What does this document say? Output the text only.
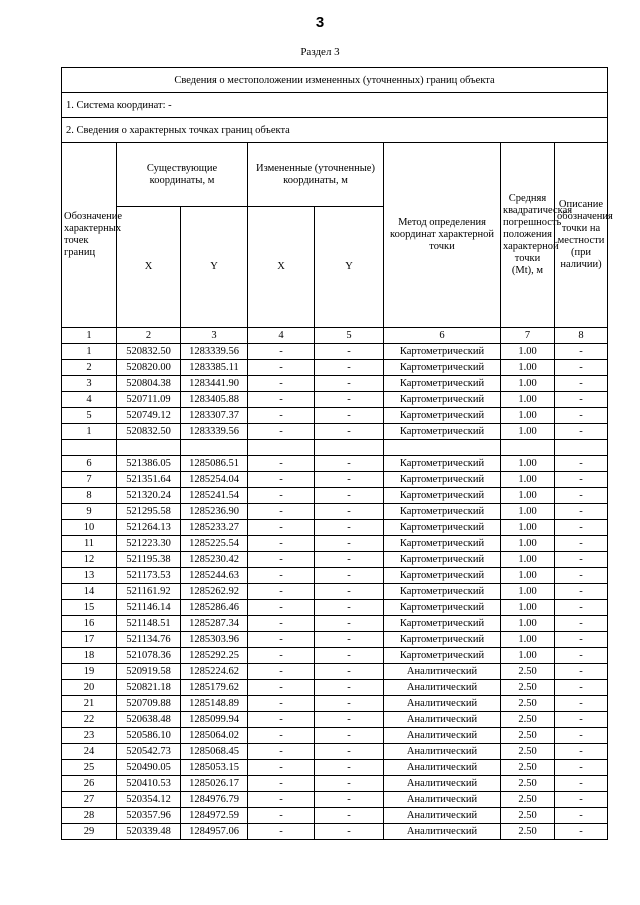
3
Раздел 3
Сведения о местоположении измененных (уточненных) границ объекта							
1. Система координат: -							
2. Сведения о характерных точках границ объекта							
Обозначение характерных точек границ	Существующие координаты, м		Измененные (уточненные) координаты, м		Метод определения координат характерной точки	Средняя квадратическая погрешность положения характерной точки (Mt), м	Описание обозначения точки на местности (при наличии)
	X	Y	X	Y			
1	2	3	4	5	6	7	8
1	520832.50	1283339.56	-	-	Картометрический	1.00	-
2	520820.00	1283385.11	-	-	Картометрический	1.00	-
3	520804.38	1283441.90	-	-	Картометрический	1.00	-
4	520711.09	1283405.88	-	-	Картометрический	1.00	-
5	520749.12	1283307.37	-	-	Картометрический	1.00	-
1	520832.50	1283339.56	-	-	Картометрический	1.00	-

6	521386.05	1285086.51	-	-	Картометрический	1.00	-
7	521351.64	1285254.04	-	-	Картометрический	1.00	-
8	521320.24	1285241.54	-	-	Картометрический	1.00	-
9	521295.58	1285236.90	-	-	Картометрический	1.00	-
10	521264.13	1285233.27	-	-	Картометрический	1.00	-
11	521223.30	1285225.54	-	-	Картометрический	1.00	-
12	521195.38	1285230.42	-	-	Картометрический	1.00	-
13	521173.53	1285244.63	-	-	Картометрический	1.00	-
14	521161.92	1285262.92	-	-	Картометрический	1.00	-
15	521146.14	1285286.46	-	-	Картометрический	1.00	-
16	521148.51	1285287.34	-	-	Картометрический	1.00	-
17	521134.76	1285303.96	-	-	Картометрический	1.00	-
18	521078.36	1285292.25	-	-	Картометрический	1.00	-
19	520919.58	1285224.62	-	-	Аналитический	2.50	-
20	520821.18	1285179.62	-	-	Аналитический	2.50	-
21	520709.88	1285148.89	-	-	Аналитический	2.50	-
22	520638.48	1285099.94	-	-	Аналитический	2.50	-
23	520586.10	1285064.02	-	-	Аналитический	2.50	-
24	520542.73	1285068.45	-	-	Аналитический	2.50	-
25	520490.05	1285053.15	-	-	Аналитический	2.50	-
26	520410.53	1285026.17	-	-	Аналитический	2.50	-
27	520354.12	1284976.79	-	-	Аналитический	2.50	-
28	520357.96	1284972.59	-	-	Аналитический	2.50	-
29	520339.48	1284957.06	-	-	Аналитический	2.50	-
